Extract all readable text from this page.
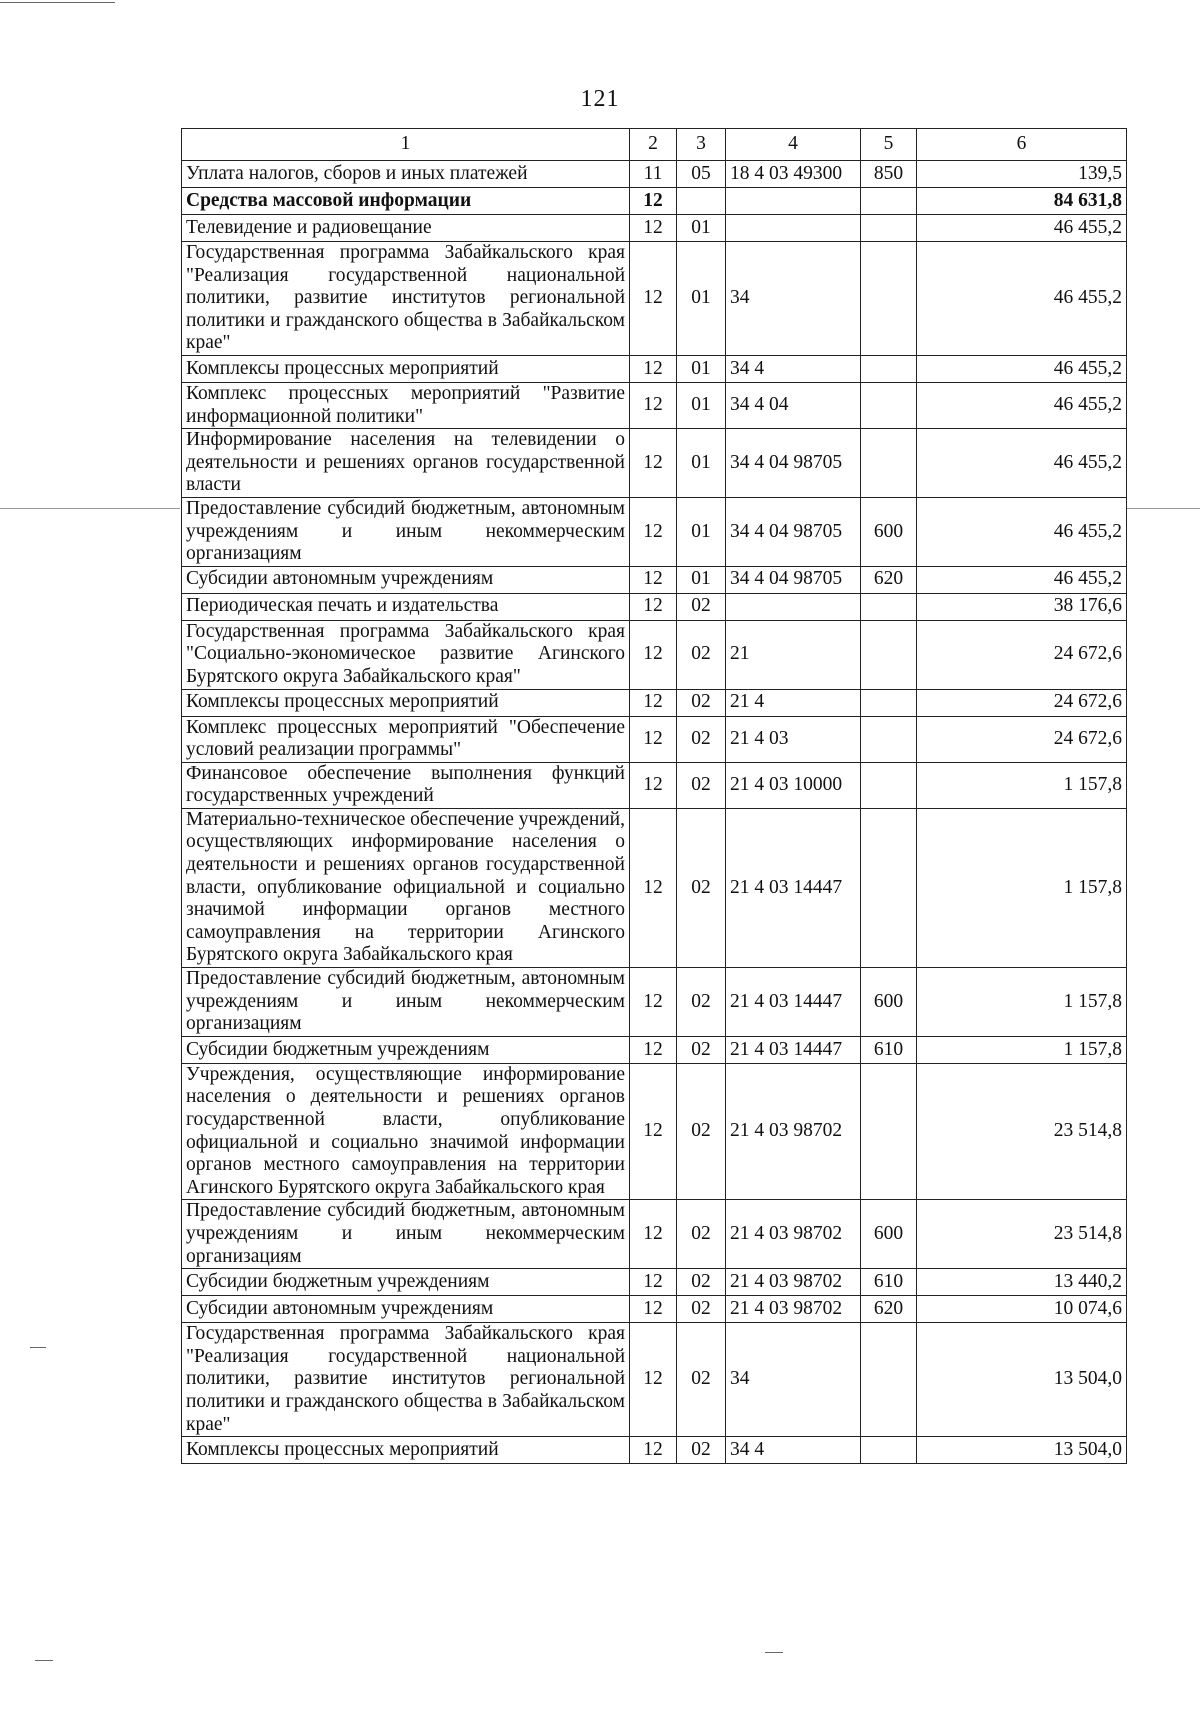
121
1	2	3	4	5	6
Уплата налогов, сборов и иных платежей	11	05	18 4 03 49300	850	139,5
Средства массовой информации	12				84 631,8
Телевидение и радиовещание	12	01			46 455,2
Государственная программа Забайкальского края "Реализация государственной национальной политики, развитие институтов региональной политики и гражданского общества в Забайкальском крае"	12	01	34		46 455,2
Комплексы процессных мероприятий	12	01	34 4		46 455,2
Комплекс процессных мероприятий "Развитие информационной политики"	12	01	34 4 04		46 455,2
Информирование населения на телевидении о деятельности и решениях органов государственной власти	12	01	34 4 04 98705		46 455,2
Предоставление субсидий бюджетным, автономным учреждениям и иным некоммерческим организациям	12	01	34 4 04 98705	600	46 455,2
Субсидии автономным учреждениям	12	01	34 4 04 98705	620	46 455,2
Периодическая печать и издательства	12	02			38 176,6
Государственная программа Забайкальского края "Социально-экономическое развитие Агинского Бурятского округа Забайкальского края"	12	02	21		24 672,6
Комплексы процессных мероприятий	12	02	21 4		24 672,6
Комплекс процессных мероприятий "Обеспечение условий реализации программы"	12	02	21 4 03		24 672,6
Финансовое обеспечение выполнения функций государственных учреждений	12	02	21 4 03 10000		1 157,8
Материально-техническое обеспечение учреждений, осуществляющих информирование населения о деятельности и решениях органов государственной власти, опубликование официальной и социально значимой информации органов местного самоуправления на территории Агинского Бурятского округа Забайкальского края	12	02	21 4 03 14447		1 157,8
Предоставление субсидий бюджетным, автономным учреждениям и иным некоммерческим организациям	12	02	21 4 03 14447	600	1 157,8
Субсидии бюджетным учреждениям	12	02	21 4 03 14447	610	1 157,8
Учреждения, осуществляющие информирование населения о деятельности и решениях органов государственной власти, опубликование официальной и социально значимой информации органов местного самоуправления на территории Агинского Бурятского округа Забайкальского края	12	02	21 4 03 98702		23 514,8
Предоставление субсидий бюджетным, автономным учреждениям и иным некоммерческим организациям	12	02	21 4 03 98702	600	23 514,8
Субсидии бюджетным учреждениям	12	02	21 4 03 98702	610	13 440,2
Субсидии автономным учреждениям	12	02	21 4 03 98702	620	10 074,6
Государственная программа Забайкальского края "Реализация государственной национальной политики, развитие институтов региональной политики и гражданского общества в Забайкальском крае"	12	02	34		13 504,0
Комплексы процессных мероприятий	12	02	34 4		13 504,0
